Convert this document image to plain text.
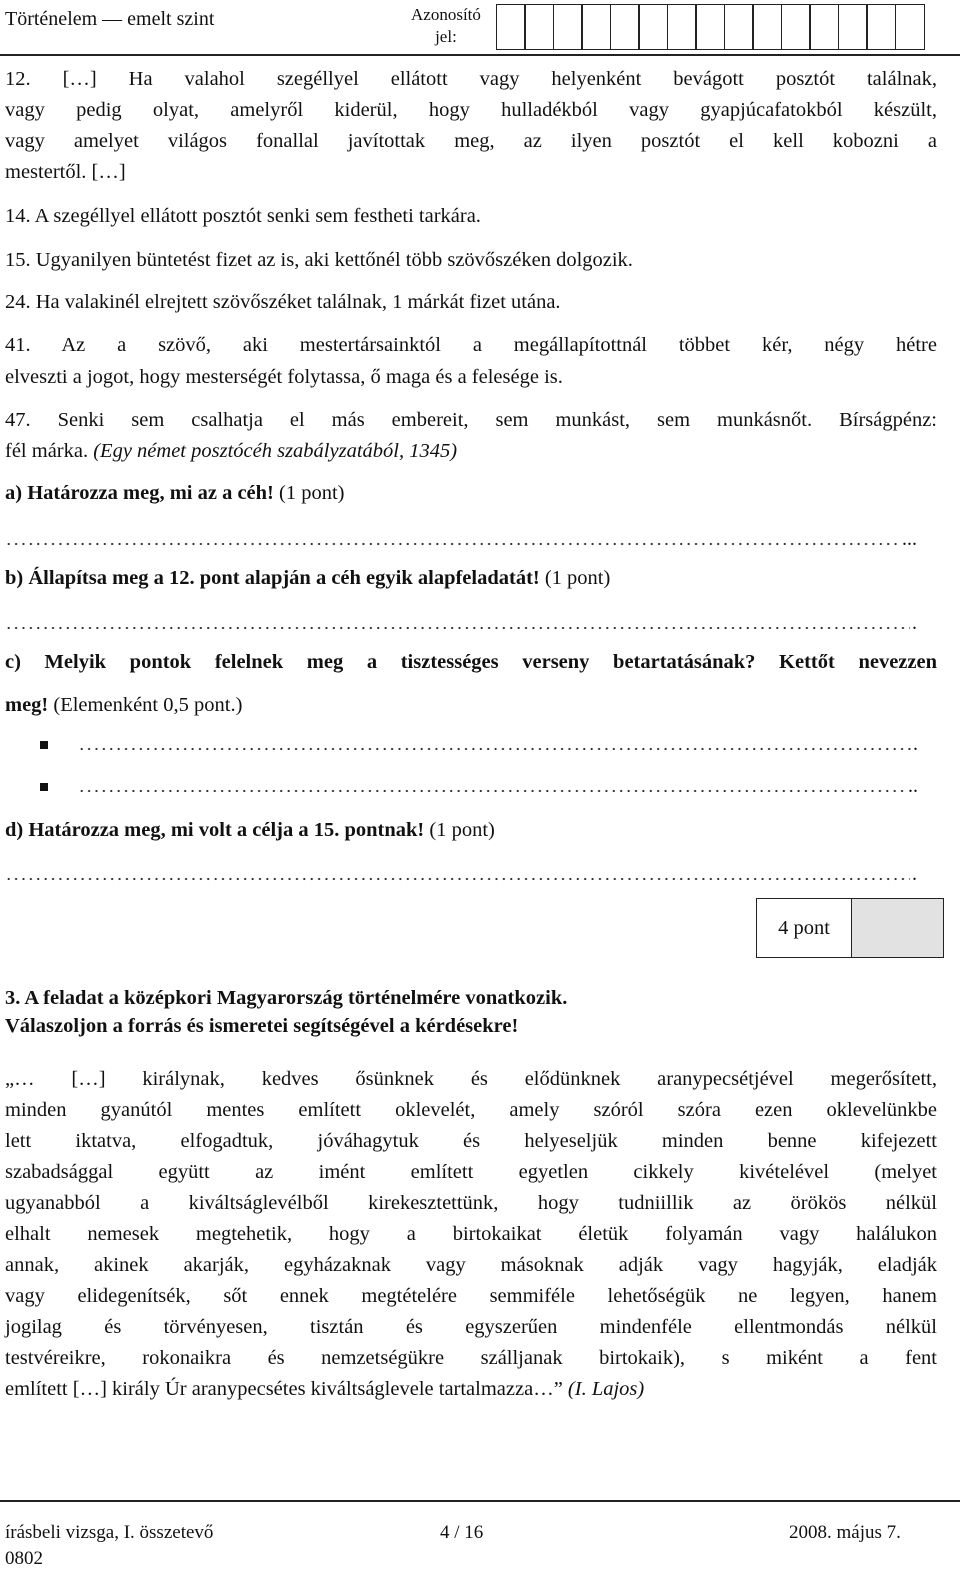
Történelem — emelt szint	Azonosító
jel:

12. […] Ha valahol szegéllyel ellátott vagy helyenként bevágott posztót találnak,

vagy pedig olyat, amelyről kiderül, hogy hulladékból vagy gyapjúcafatokból készült,

vagy amelyet világos fonallal javítottak meg, az ilyen posztót el kell kobozni a

mestertől. […]

14. A szegéllyel ellátott posztót senki sem festheti tarkára.

15. Ugyanilyen büntetést fizet az is, aki kettőnél több szövőszéken dolgozik.

24. Ha valakinél elrejtett szövőszéket találnak, 1 márkát fizet utána.

41. Az a szövő, aki mestertársainktól a megállapítottnál többet kér, négy hétre

elveszti a jogot, hogy mesterségét folytassa, ő maga és a felesége is.

47. Senki sem csalhatja el más embereit, sem munkást, sem munkásnőt. Bírságpénz:

fél márka. (Egy német posztócéh szabályzatából, 1345)

a) Határozza meg, mi az a céh! (1 pont)

...

b) Állapítsa meg a 12. pont alapján a céh egyik alapfeladatát! (1 pont)

.

c) Melyik pontok felelnek meg a tisztességes verseny betartatásának? Kettőt nevezzen

meg! (Elemenként 0,5 pont.)

.
..

d) Határozza meg, mi volt a célja a 15. pontnak! (1 pont)

.
4 pont

3. A feladat a középkori Magyarország történelmére vonatkozik.

Válaszoljon a forrás és ismeretei segítségével a kérdésekre!

„… […] királynak, kedves ősünknek és elődünknek aranypecsétjével megerősített,

minden gyanútól mentes említett oklevelét, amely szóról szóra ezen oklevelünkbe

lett iktatva, elfogadtuk, jóváhagytuk és helyeseljük minden benne kifejezett

szabadsággal együtt az imént említett egyetlen cikkely kivételével (melyet

ugyanabból a kiváltságlevélből kirekesztettünk, hogy tudniillik az örökös nélkül

elhalt nemesek megtehetik, hogy a birtokaikat életük folyamán vagy halálukon

annak, akinek akarják, egyházaknak vagy másoknak adják vagy hagyják, eladják

vagy elidegenítsék, sőt ennek megtételére semmiféle lehetőségük ne legyen, hanem

jogilag és törvényesen, tisztán és egyszerűen mindenféle ellentmondás nélkül

testvéreikre, rokonaikra és nemzetségükre szálljanak birtokaik), s miként a fent

említett […] király Úr aranypecsétes kiváltságlevele tartalmazza…” (I. Lajos)

írásbeli vizsga, I. összetevő	4 / 16	2008. május 7.
0802
